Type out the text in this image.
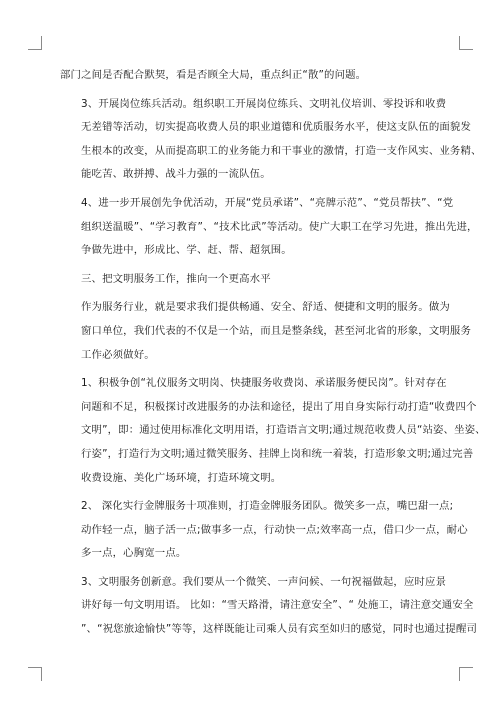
部门之间是否配合默契，看是否顾全大局，重点纠正“散”的问题。

3、开展岗位练兵活动。组织职工开展岗位练兵、文明礼仪培训、零投诉和收费
无差错等活动，切实提高收费人员的职业道德和优质服务水平，使这支队伍的面貌发
生根本的改变，从而提高职工的业务能力和干事业的激情，打造一支作风实、业务精、
能吃苦、敢拼搏、战斗力强的一流队伍。

4、进一步开展创先争优活动，开展“党员承诺”、“亮牌示范”、“党员帮扶”、“党
组织送温暖”、“学习教育”、“技术比武”等活动。使广大职工在学习先进，推出先进，
争做先进中，形成比、学、赶、帮、超氛围。

三、把文明服务工作，推向一个更高水平

作为服务行业，就是要求我们提供畅通、安全、舒适、便捷和文明的服务。做为
窗口单位，我们代表的不仅是一个站，而且是整条线，甚至河北省的形象，文明服务
工作必须做好。

1、积极争创“礼仪服务文明岗、快捷服务收费岗、承诺服务便民岗”。针对存在
问题和不足，积极探讨改进服务的办法和途径，提出了用自身实际行动打造“收费四个
文明”，即：通过使用标准化文明用语，打造语言文明;通过规范收费人员“站姿、坐姿、
行姿”，打造行为文明;通过微笑服务、挂牌上岗和统一着装，打造形象文明;通过完善
收费设施、美化广场环境，打造环境文明。

2、 深化实行金牌服务十项准则，打造金牌服务团队。微笑多一点，嘴巴甜一点;
动作轻一点，脑子活一点;做事多一点，行动快一点;效率高一点，借口少一点，耐心
多一点，心胸宽一点。

3、文明服务创新意。我们要从一个微笑、一声问候、一句祝福做起，应时应景
讲好每一句文明用语。 比如：“雪天路滑，请注意安全”、“ 处施工，请注意交通安全
”、“祝您旅途愉快”等等，这样既能让司乘人员有宾至如归的感觉，同时也通过提醒司
